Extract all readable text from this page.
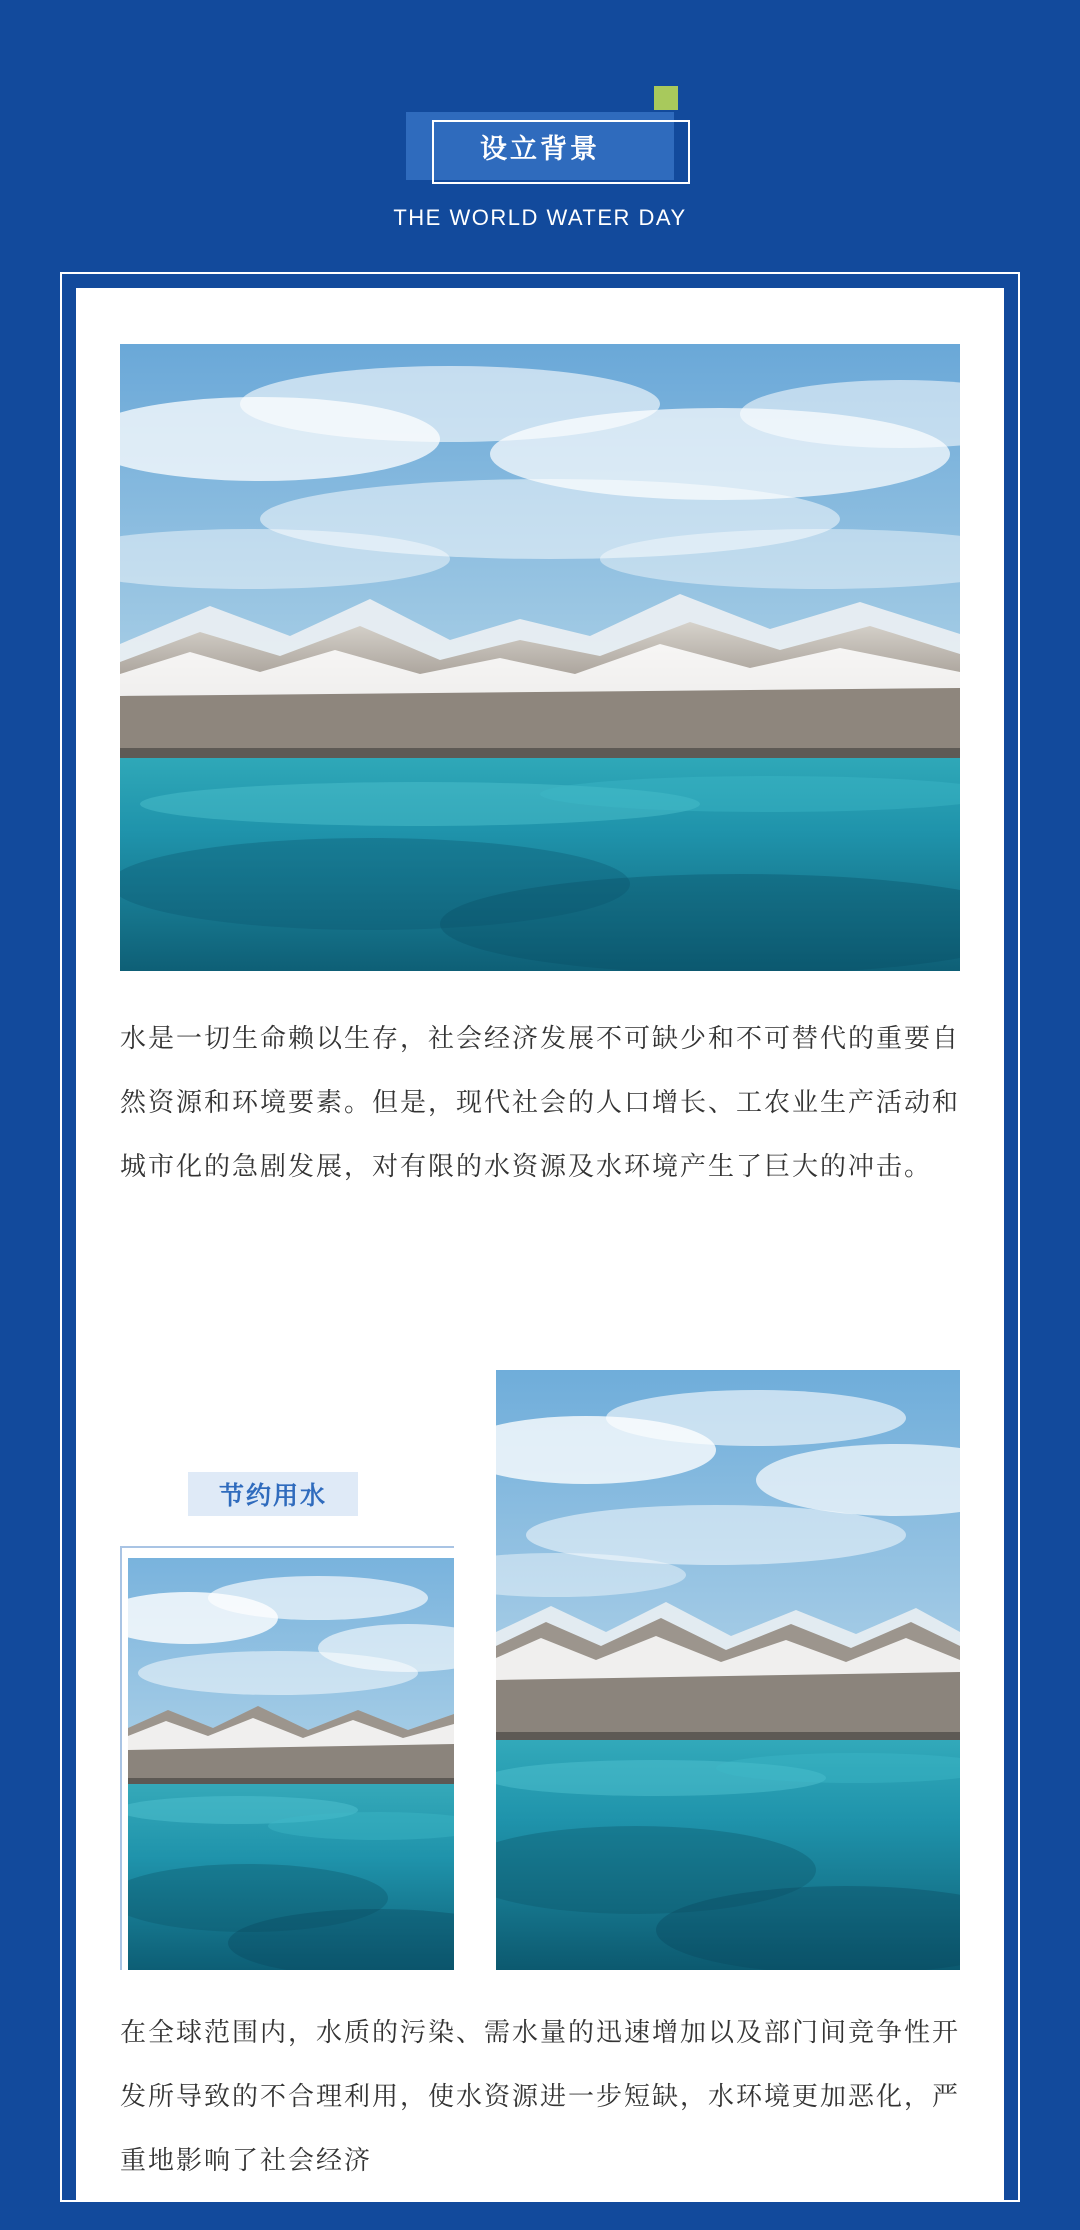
设立背景
THE WORLD WATER DAY
水是一切生命赖以生存，社会经济发展不可缺少和不可替代的重要自然资源和环境要素。但是，现代社会的人口增长、工农业生产活动和城市化的急剧发展，对有限的水资源及水环境产生了巨大的冲击。
节约用水
在全球范围内，水质的污染、需水量的迅速增加以及部门间竞争性开发所导致的不合理利用，使水资源进一步短缺，水环境更加恶化，严重地影响了社会经济
